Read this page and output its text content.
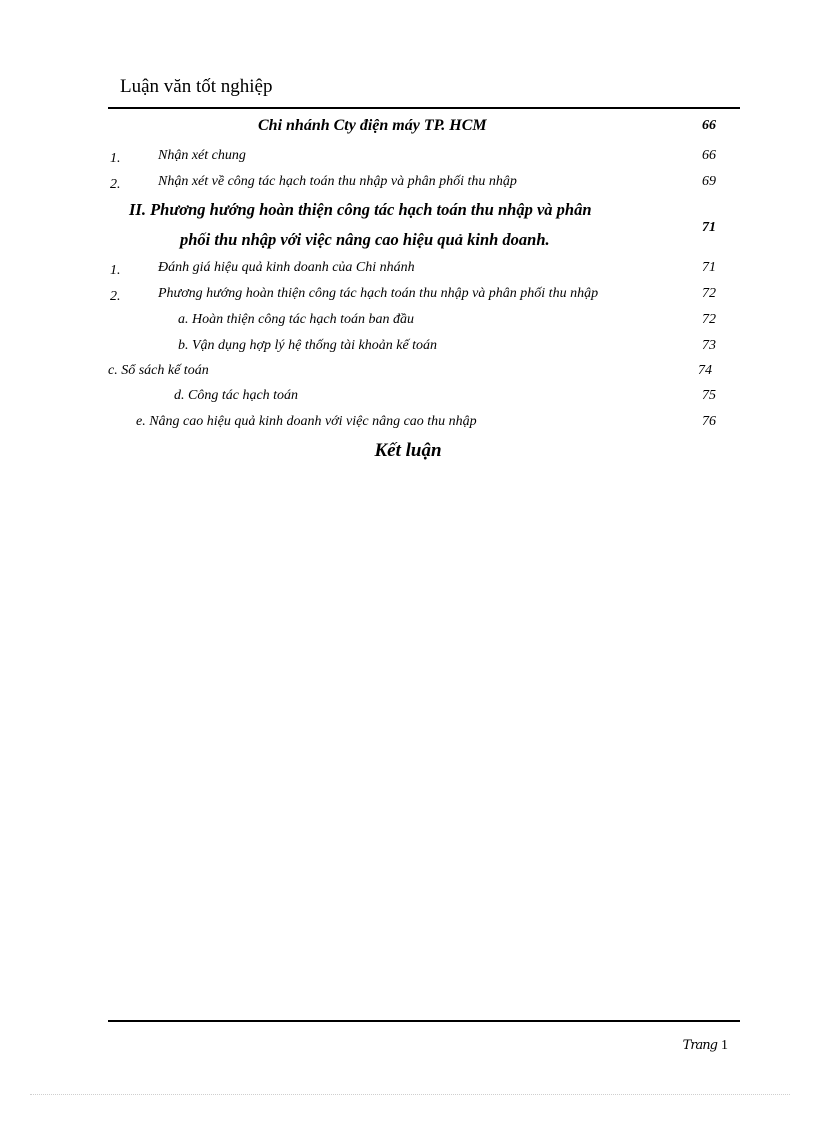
Luận văn tốt nghiệp
Chi nhánh Cty điện máy TP. HCM	66
1.	Nhận xét chung	66
2.	Nhận xét về công tác hạch toán thu nhập và phân phối thu nhập	69
II. Phương hướng hoàn thiện công tác hạch toán thu nhập và phân
phối thu nhập với việc nâng cao hiệu quả kinh doanh.
71
1.	Đánh giá hiệu quả kinh doanh của Chi nhánh	71
2.	Phương hướng hoàn thiện công tác hạch toán thu nhập và phân phối thu nhập	72
a. Hoàn thiện công tác hạch toán ban đầu	72
b. Vận dụng hợp lý hệ thống tài khoản kế toán	73
c. Sổ sách kế toán	74
d. Công tác hạch toán	75
e. Nâng cao hiệu quả kinh doanh với việc nâng cao thu nhập	76
Kết luận
Trang 1
